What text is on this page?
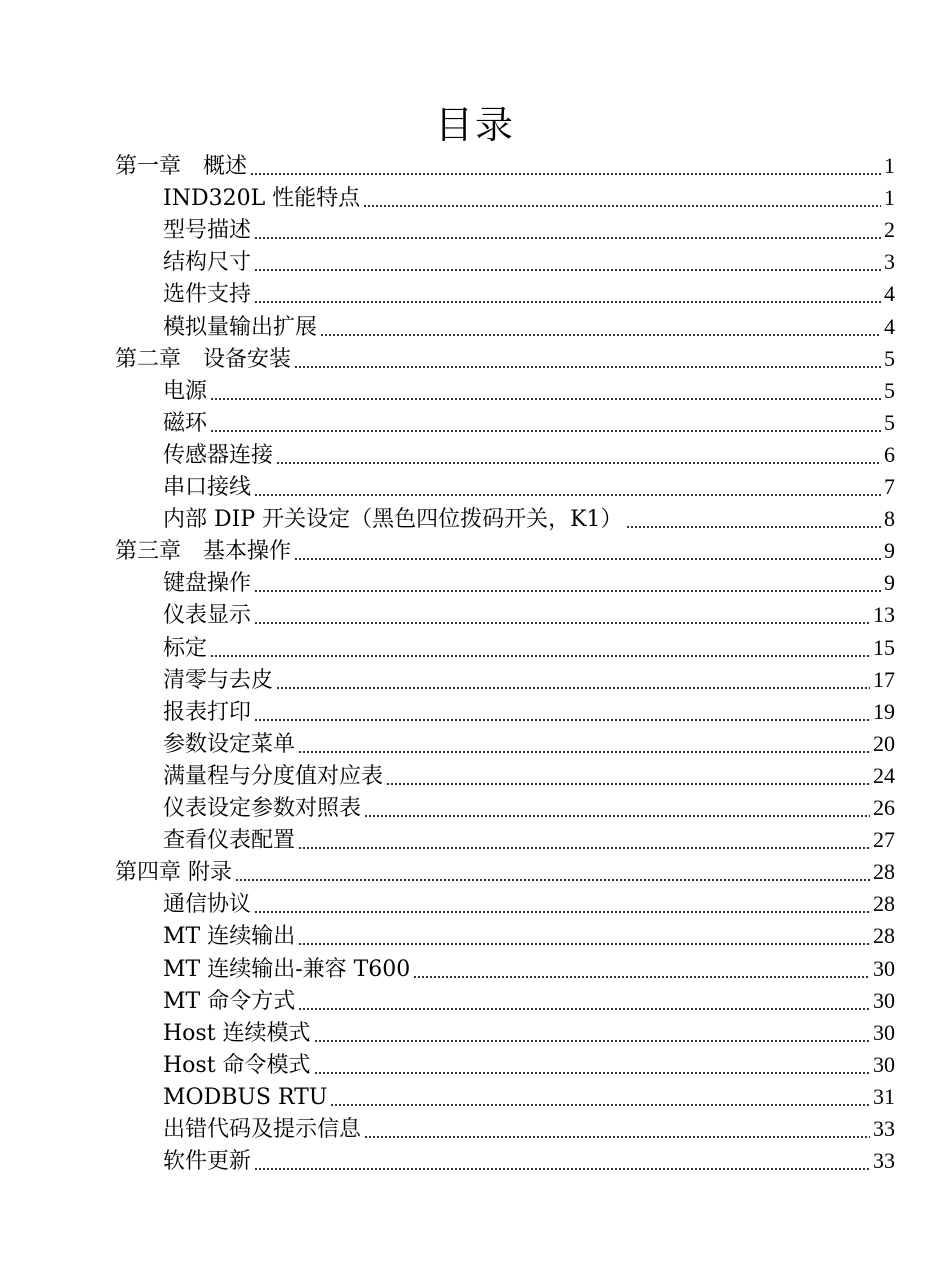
目录
第一章　概述	1
IND320L 性能特点	1
型号描述	2
结构尺寸	3
选件支持	4
模拟量输出扩展	4
第二章　设备安装	5
电源	5
磁环	5
传感器连接	6
串口接线	7
内部 DIP 开关设定（黑色四位拨码开关，K1）	8
第三章　基本操作	9
键盘操作	9
仪表显示	13
标定	15
清零与去皮	17
报表打印	19
参数设定菜单	20
满量程与分度值对应表	24
仪表设定参数对照表	26
查看仪表配置	27
第四章 附录	28
通信协议	28
MT 连续输出	28
MT 连续输出-兼容 T600	30
MT 命令方式	30
Host 连续模式	30
Host 命令模式	30
MODBUS RTU	31
出错代码及提示信息	33
软件更新	33
